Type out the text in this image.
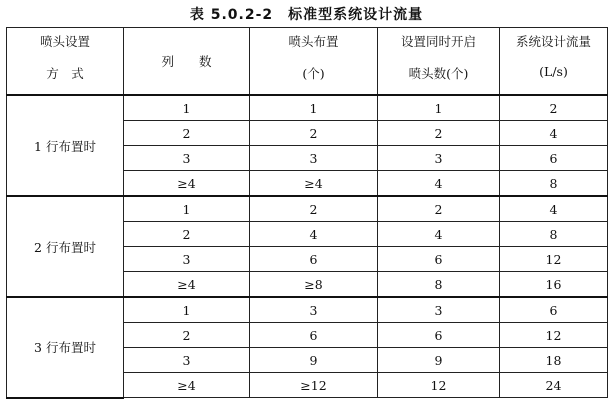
表 5.0.2-2　标准型系统设计流量
喷头设置	列　　数	喷头布置	设置同时开启	系统设计流量
方　式		(个)	喷头数(个)	(L/s)
1 行布置时	1	1	1	2
	2	2	2	4
	3	3	3	6
	≥4	≥4	4	8
2 行布置时	1	2	2	4
	2	4	4	8
	3	6	6	12
	≥4	≥8	8	16
3 行布置时	1	3	3	6
	2	6	6	12
	3	9	9	18
	≥4	≥12	12	24
